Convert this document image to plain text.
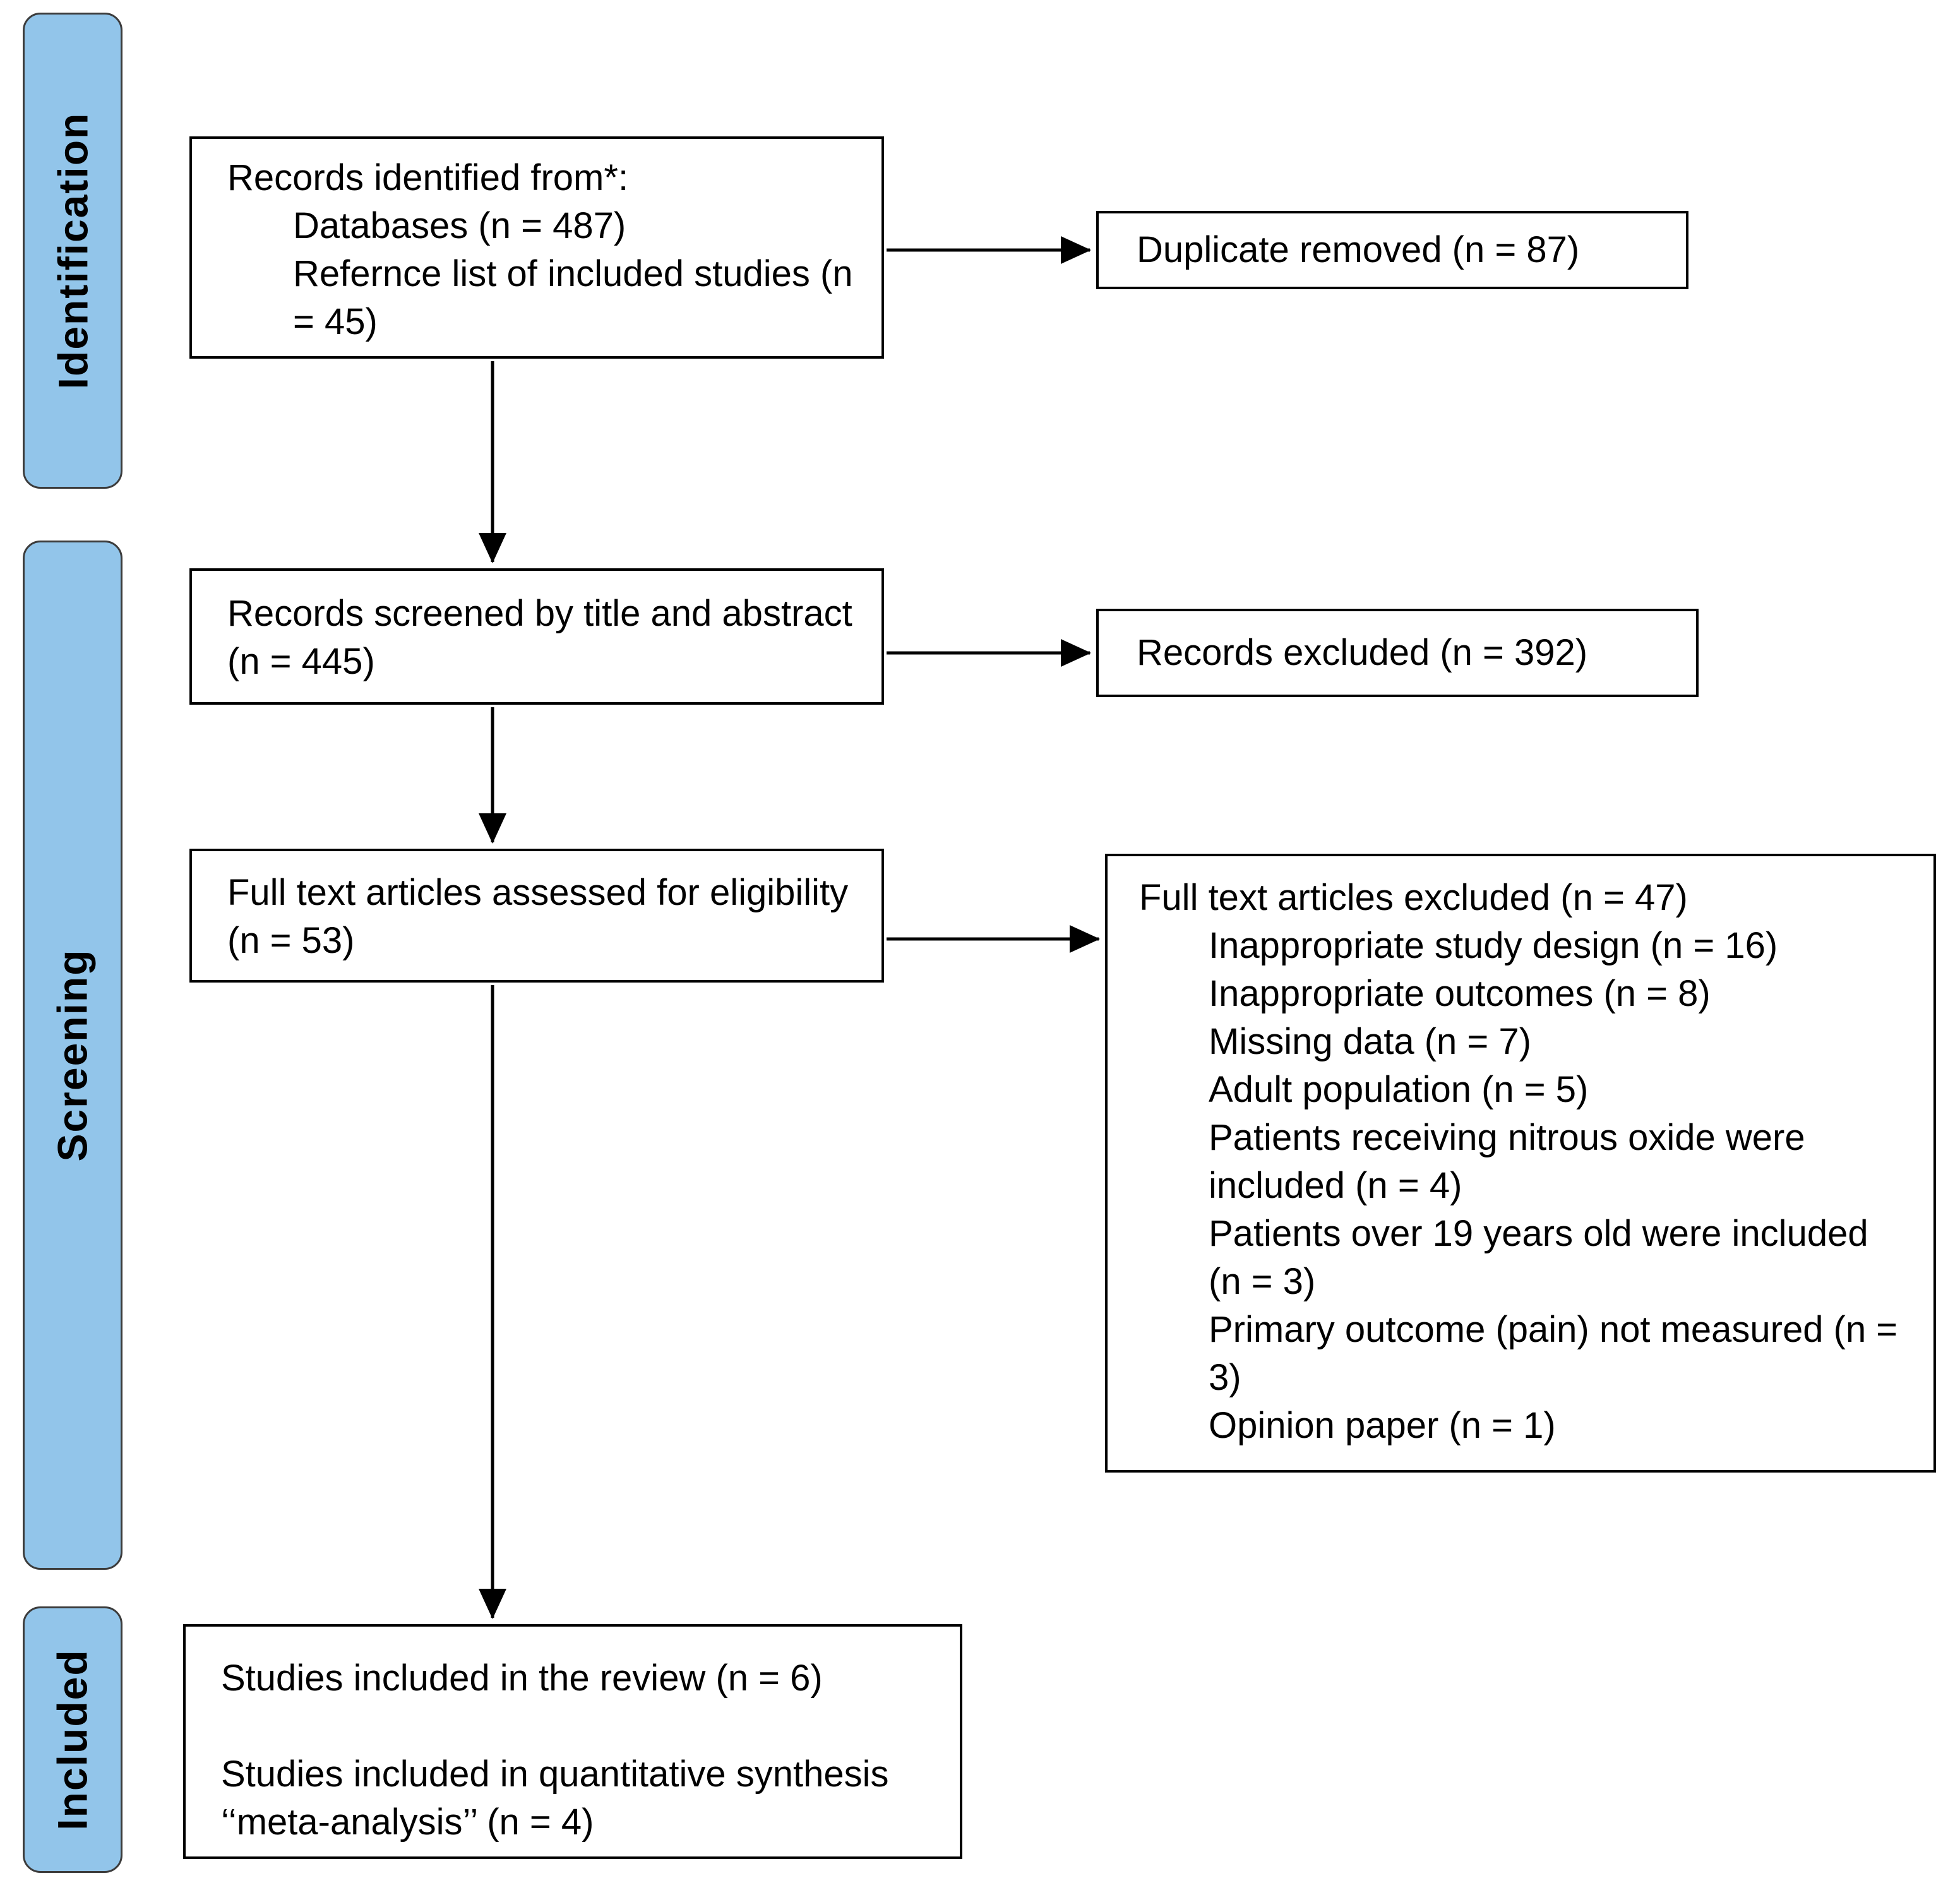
Identification
Screening
Included
Records identified from*:
Databases (n = 487)
Refernce list of included studies (n = 45)
Duplicate removed (n = 87)
Records screened by title and abstract (n = 445)	Records excluded (n = 392)
Full text articles assessed for eligibility (n = 53)
Full text articles excluded (n = 47)
Inappropriate study design (n = 16)
Inappropriate outcomes (n = 8)
Missing data (n = 7)
Adult population (n = 5)
Patients receiving nitrous oxide were included (n = 4)
Patients over 19 years old were included (n = 3)
Primary outcome (pain) not measured (n = 3)
Opinion paper (n = 1)
Studies included in the review (n = 6)
Studies included in quantitative synthesis ‘‘meta-analysis’’ (n = 4)
